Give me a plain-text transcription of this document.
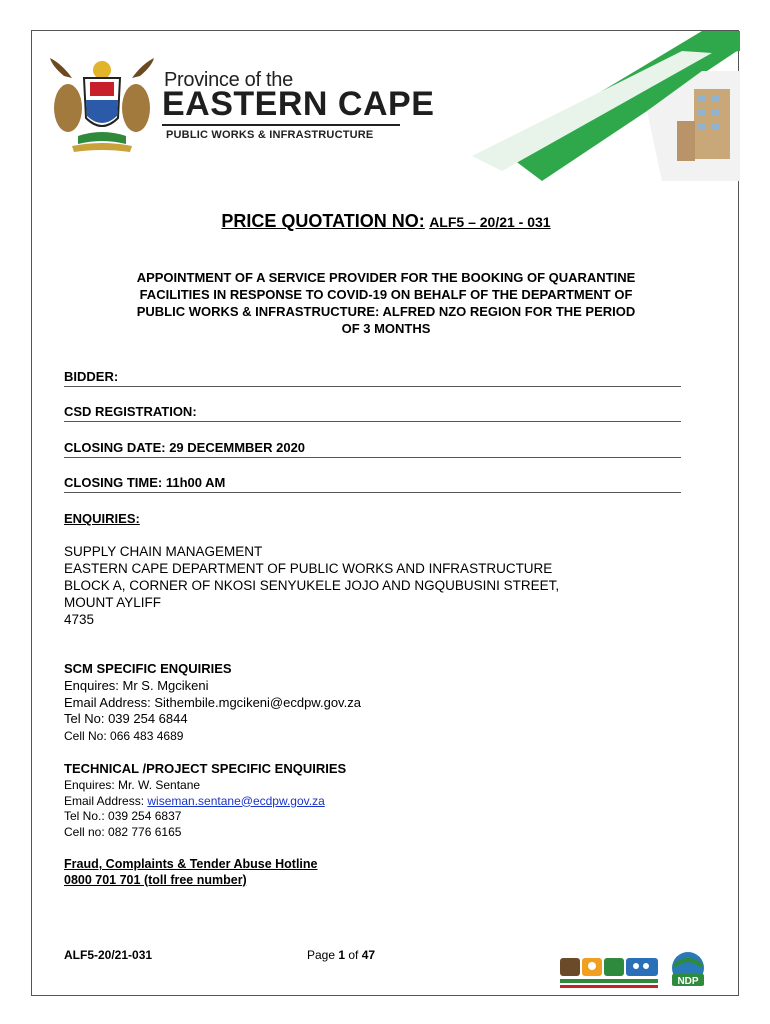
Province of the
EASTERN CAPE
PUBLIC WORKS & INFRASTRUCTURE
PRICE QUOTATION NO: ALF5 – 20/21 - 031
APPOINTMENT OF A SERVICE PROVIDER FOR THE BOOKING OF QUARANTINE
FACILITIES IN RESPONSE TO COVID-19 ON BEHALF OF THE DEPARTMENT OF
PUBLIC WORKS & INFRASTRUCTURE: ALFRED NZO REGION FOR THE PERIOD
OF 3 MONTHS
BIDDER:
CSD REGISTRATION:
CLOSING DATE: 29 DECEMMBER 2020
CLOSING TIME: 11h00 AM
ENQUIRIES:
SUPPLY CHAIN MANAGEMENT
EASTERN CAPE DEPARTMENT OF PUBLIC WORKS AND INFRASTRUCTURE
BLOCK A, CORNER OF NKOSI SENYUKELE JOJO AND NGQUBUSINI STREET,
MOUNT AYLIFF
4735
SCM SPECIFIC ENQUIRIES
Enquires: Mr S. Mgcikeni
Email Address: Sithembile.mgcikeni@ecdpw.gov.za
Tel No: 039 254 6844
Cell No: 066 483 4689
TECHNICAL /PROJECT SPECIFIC ENQUIRIES
Enquires: Mr. W. Sentane
Email Address: wiseman.sentane@ecdpw.gov.za
Tel No.: 039 254 6837
Cell no: 082 776 6165
Fraud, Complaints & Tender Abuse Hotline
0800 701 701 (toll free number)
ALF5-20/21-031	Page 1 of 47
NDP
